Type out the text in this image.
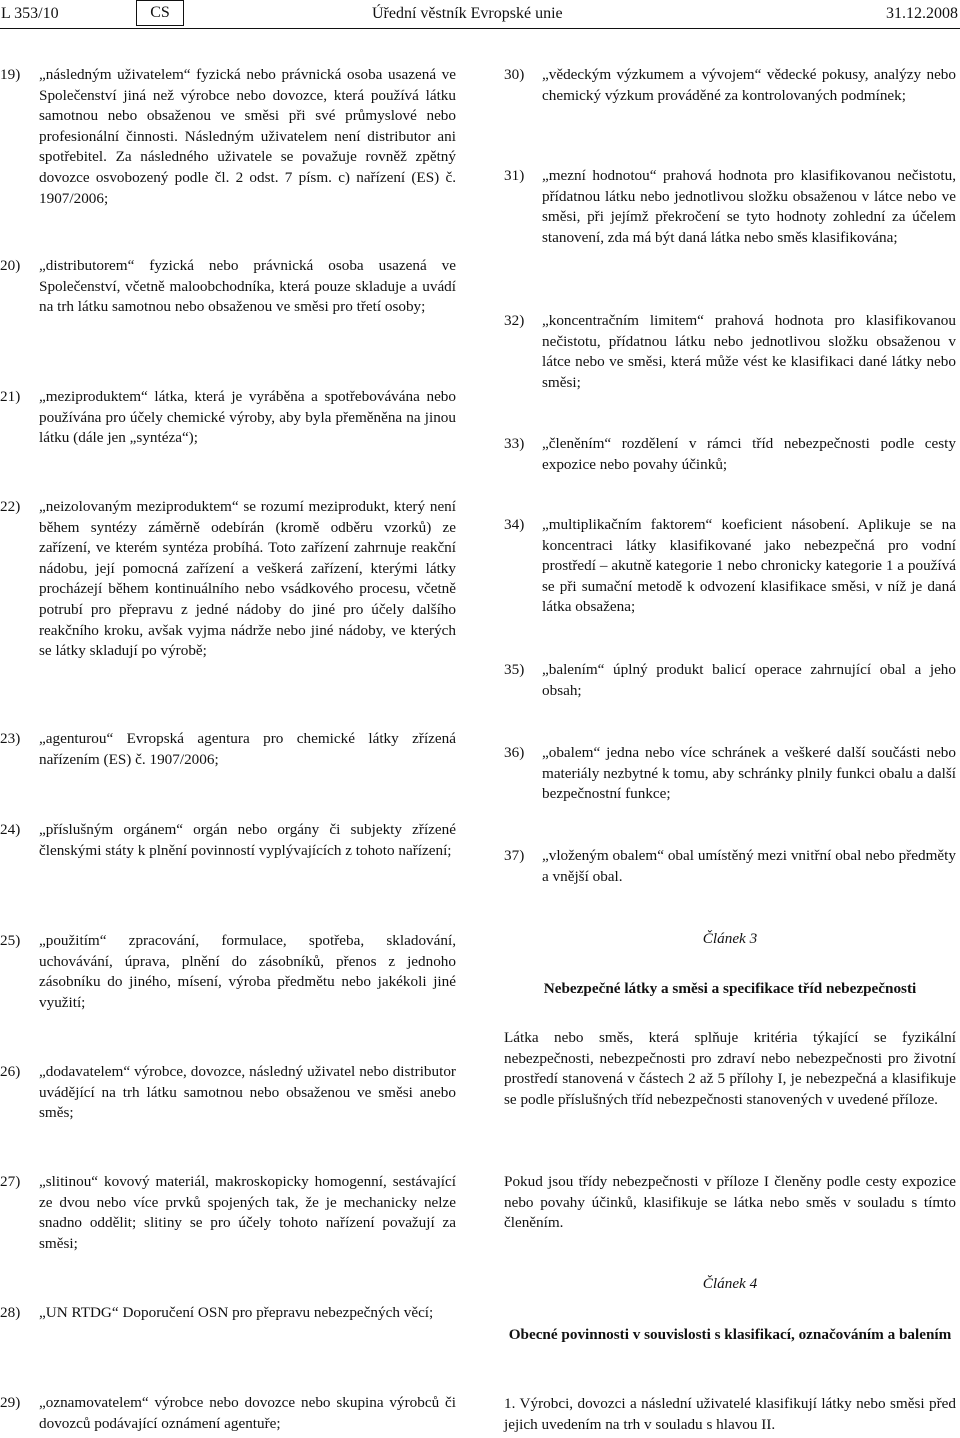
L 353/10	CS	Úřední věstník Evropské unie	31.12.2008
19)	„následným uživatelem“ fyzická nebo právnická osoba usazená ve Společenství jiná než výrobce nebo dovozce, která používá látku samotnou nebo obsaženou ve směsi při své průmyslové nebo profesionální činnosti. Následným uživatelem není distributor ani spotřebitel. Za následného uživatele se považuje rovněž zpětný dovozce osvobozený podle čl. 2 odst. 7 písm. c) nařízení (ES) č. 1907/2006;
20)	„distributorem“ fyzická nebo právnická osoba usazená ve Společenství, včetně maloobchodníka, která pouze skladuje a uvádí na trh látku samotnou nebo obsaženou ve směsi pro třetí osoby;
21)	„meziproduktem“ látka, která je vyráběna a spotřebovávána nebo používána pro účely chemické výroby, aby byla přeměněna na jinou látku (dále jen „syntéza“);
22)	„neizolovaným meziproduktem“ se rozumí meziprodukt, který není během syntézy záměrně odebírán (kromě odběru vzorků) ze zařízení, ve kterém syntéza probíhá. Toto zařízení zahrnuje reakční nádobu, její pomocná zařízení a veškerá zařízení, kterými látky procházejí během kontinuálního nebo vsádkového procesu, včetně potrubí pro přepravu z jedné nádoby do jiné pro účely dalšího reakčního kroku, avšak vyjma nádrže nebo jiné nádoby, ve kterých se látky skladují po výrobě;
23)	„agenturou“ Evropská agentura pro chemické látky zřízená nařízením (ES) č. 1907/2006;
24)	„příslušným orgánem“ orgán nebo orgány či subjekty zřízené členskými státy k plnění povinností vyplývajících z tohoto nařízení;
25)	„použitím“ zpracování, formulace, spotřeba, skladování, uchovávání, úprava, plnění do zásobníků, přenos z jednoho zásobníku do jiného, mísení, výroba předmětu nebo jakékoli jiné využití;
26)	„dodavatelem“ výrobce, dovozce, následný uživatel nebo distributor uvádějící na trh látku samotnou nebo obsaženou ve směsi anebo směs;
27)	„slitinou“ kovový materiál, makroskopicky homogenní, sestávající ze dvou nebo více prvků spojených tak, že je mechanicky nelze snadno oddělit; slitiny se pro účely tohoto nařízení považují za směsi;
28)	„UN RTDG“ Doporučení OSN pro přepravu nebezpečných věcí;
29)	„oznamovatelem“ výrobce nebo dovozce nebo skupina výrobců či dovozců podávající oznámení agentuře;
30)	„vědeckým výzkumem a vývojem“ vědecké pokusy, analýzy nebo chemický výzkum prováděné za kontrolovaných podmínek;
31)	„mezní hodnotou“ prahová hodnota pro klasifikovanou nečistotu, přídatnou látku nebo jednotlivou složku obsaženou v látce nebo ve směsi, při jejímž překročení se tyto hodnoty zohlední za účelem stanovení, zda má být daná látka nebo směs klasifikována;
32)	„koncentračním limitem“ prahová hodnota pro klasifikovanou nečistotu, přídatnou látku nebo jednotlivou složku obsaženou v látce nebo ve směsi, která může vést ke klasifikaci dané látky nebo směsi;
33)	„členěním“ rozdělení v rámci tříd nebezpečnosti podle cesty expozice nebo povahy účinků;
34)	„multiplikačním faktorem“ koeficient násobení. Aplikuje se na koncentraci látky klasifikované jako nebezpečná pro vodní prostředí – akutně kategorie 1 nebo chronicky kategorie 1 a používá se při sumační metodě k odvození klasifikace směsi, v níž je daná látka obsažena;
35)	„balením“ úplný produkt balicí operace zahrnující obal a jeho obsah;
36)	„obalem“ jedna nebo více schránek a veškeré další součásti nebo materiály nezbytné k tomu, aby schránky plnily funkci obalu a další bezpečnostní funkce;
37)	„vloženým obalem“ obal umístěný mezi vnitřní obal nebo předměty a vnější obal.
Článek 3
Nebezpečné látky a směsi a specifikace tříd nebezpečnosti
Látka nebo směs, která splňuje kritéria týkající se fyzikální nebezpečnosti, nebezpečnosti pro zdraví nebo nebezpečnosti pro životní prostředí stanovená v částech 2 až 5 přílohy I, je nebezpečná a klasifikuje se podle příslušných tříd nebezpečnosti stanovených v uvedené příloze.
Pokud jsou třídy nebezpečnosti v příloze I členěny podle cesty expozice nebo povahy účinků, klasifikuje se látka nebo směs v souladu s tímto členěním.
Článek 4
Obecné povinnosti v souvislosti s klasifikací, označováním a balením
1. Výrobci, dovozci a následní uživatelé klasifikují látky nebo směsi před jejich uvedením na trh v souladu s hlavou II.
